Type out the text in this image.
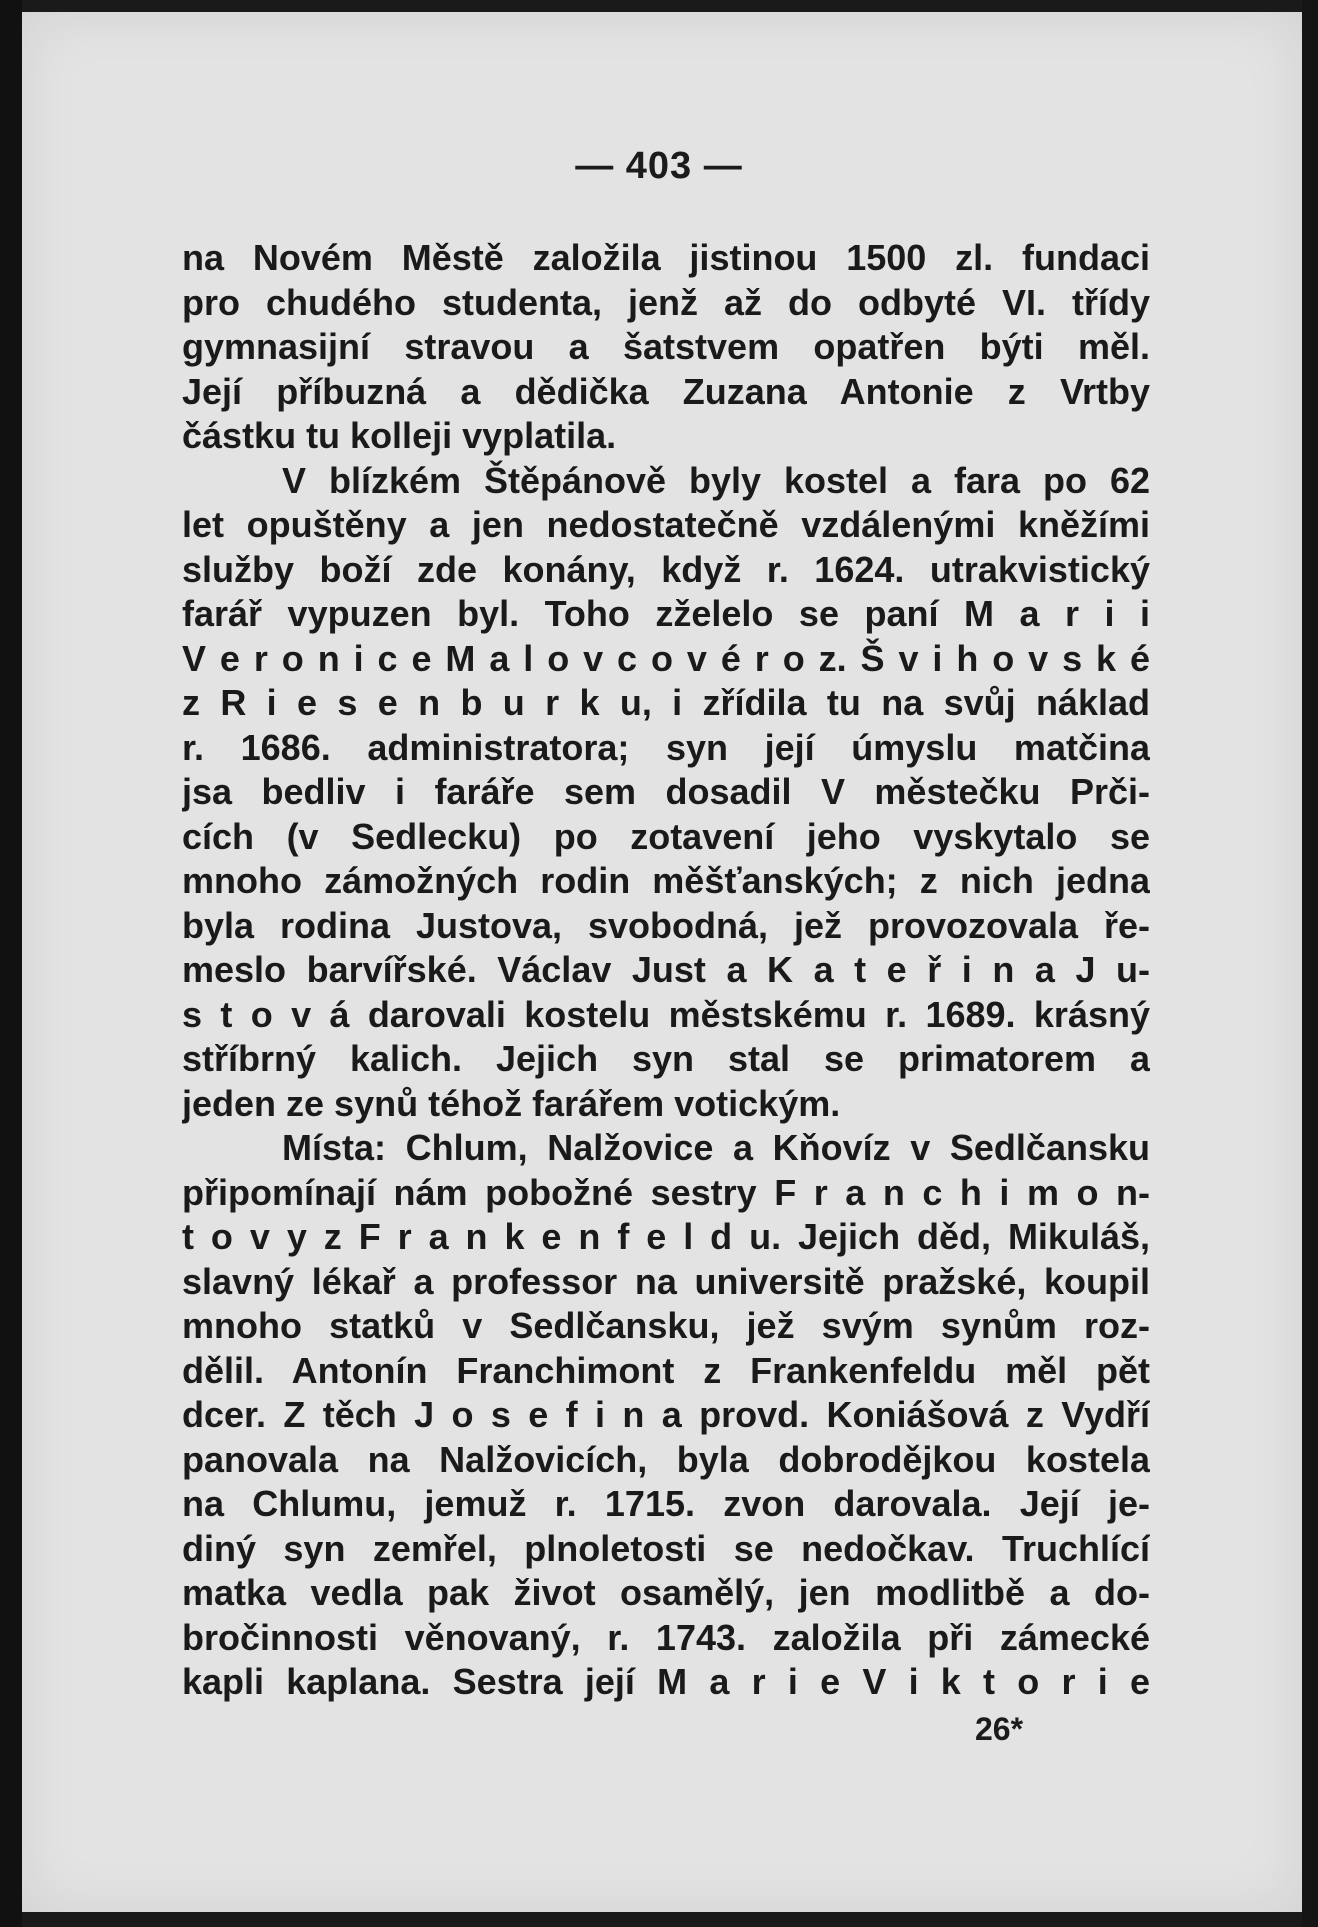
— 403 —
na Novém Městě založila jistinou 1500 zl. fundaci
pro chudého studenta, jenž až do odbyté VI. třídy
gymnasijní stravou a šatstvem opatřen býti měl.
Její příbuzná a dědička Zuzana Antonie z Vrtby
částku tu kolleji vyplatila.
V blízkém Štěpánově byly kostel a fara po 62
let opuštěny a jen nedostatečně vzdálenými kněžími
služby boží zde konány, když r. 1624. utrakvistický
farář vypuzen byl. Toho zželelo se paní M a r i i
V e r o n i c e M a l o v c o v é r o z. Š v i h o v s k é
z R i e s e n b u r k u, i zřídila tu na svůj náklad
r. 1686. administratora; syn její úmyslu matčina
jsa bedliv i faráře sem dosadil V městečku Prči-
cích (v Sedlecku) po zotavení jeho vyskytalo se
mnoho zámožných rodin měšťanských; z nich jedna
byla rodina Justova, svobodná, jež provozovala ře-
meslo barvířské. Václav Just a K a t e ř i n a J u-
s t o v á darovali kostelu městskému r. 1689. krásný
stříbrný kalich. Jejich syn stal se primatorem a
jeden ze synů téhož farářem votickým.
Místa: Chlum, Nalžovice a Kňovíz v Sedlčansku
připomínají nám pobožné sestry F r a n c h i m o n-
t o v y z F r a n k e n f e l d u. Jejich děd, Mikuláš,
slavný lékař a professor na universitě pražské, koupil
mnoho statků v Sedlčansku, jež svým synům roz-
dělil. Antonín Franchimont z Frankenfeldu měl pět
dcer. Z těch J o s e f i n a provd. Koniášová z Vydří
panovala na Nalžovicích, byla dobrodějkou kostela
na Chlumu, jemuž r. 1715. zvon darovala. Její je-
diný syn zemřel, plnoletosti se nedočkav. Truchlící
matka vedla pak život osamělý, jen modlitbě a do-
bročinnosti věnovaný, r. 1743. založila při zámecké
kapli kaplana. Sestra její M a r i e V i k t o r i e
26*
